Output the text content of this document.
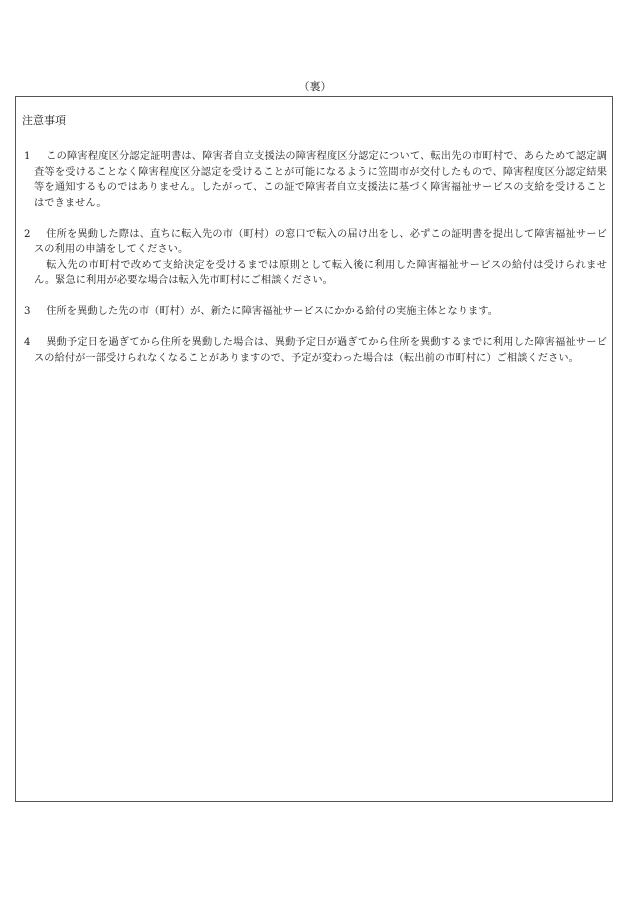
（裏）
注意事項
1	この障害程度区分認定証明書は、障害者自立支援法の障害程度区分認定について、転出先の市町村で、あらためて認定調査等を受けることなく障害程度区分認定を受けることが可能になるように笠間市が交付したもので、障害程度区分認定結果等を通知するものではありません。したがって、この証で障害者自立支援法に基づく障害福祉サービスの支給を受けることはできません。
2	住所を異動した際は、直ちに転入先の市（町村）の窓口で転入の届け出をし、必ずこの証明書を提出して障害福祉サービスの利用の申請をしてください。
転入先の市町村で改めて支給決定を受けるまでは原則として転入後に利用した障害福祉サービスの給付は受けられません。緊急に利用が必要な場合は転入先市町村にご相談ください。
3	住所を異動した先の市（町村）が、新たに障害福祉サービスにかかる給付の実施主体となります。
4	異動予定日を過ぎてから住所を異動した場合は、異動予定日が過ぎてから住所を異動するまでに利用した障害福祉サービスの給付が一部受けられなくなることがありますので、予定が変わった場合は（転出前の市町村に）ご相談ください。
